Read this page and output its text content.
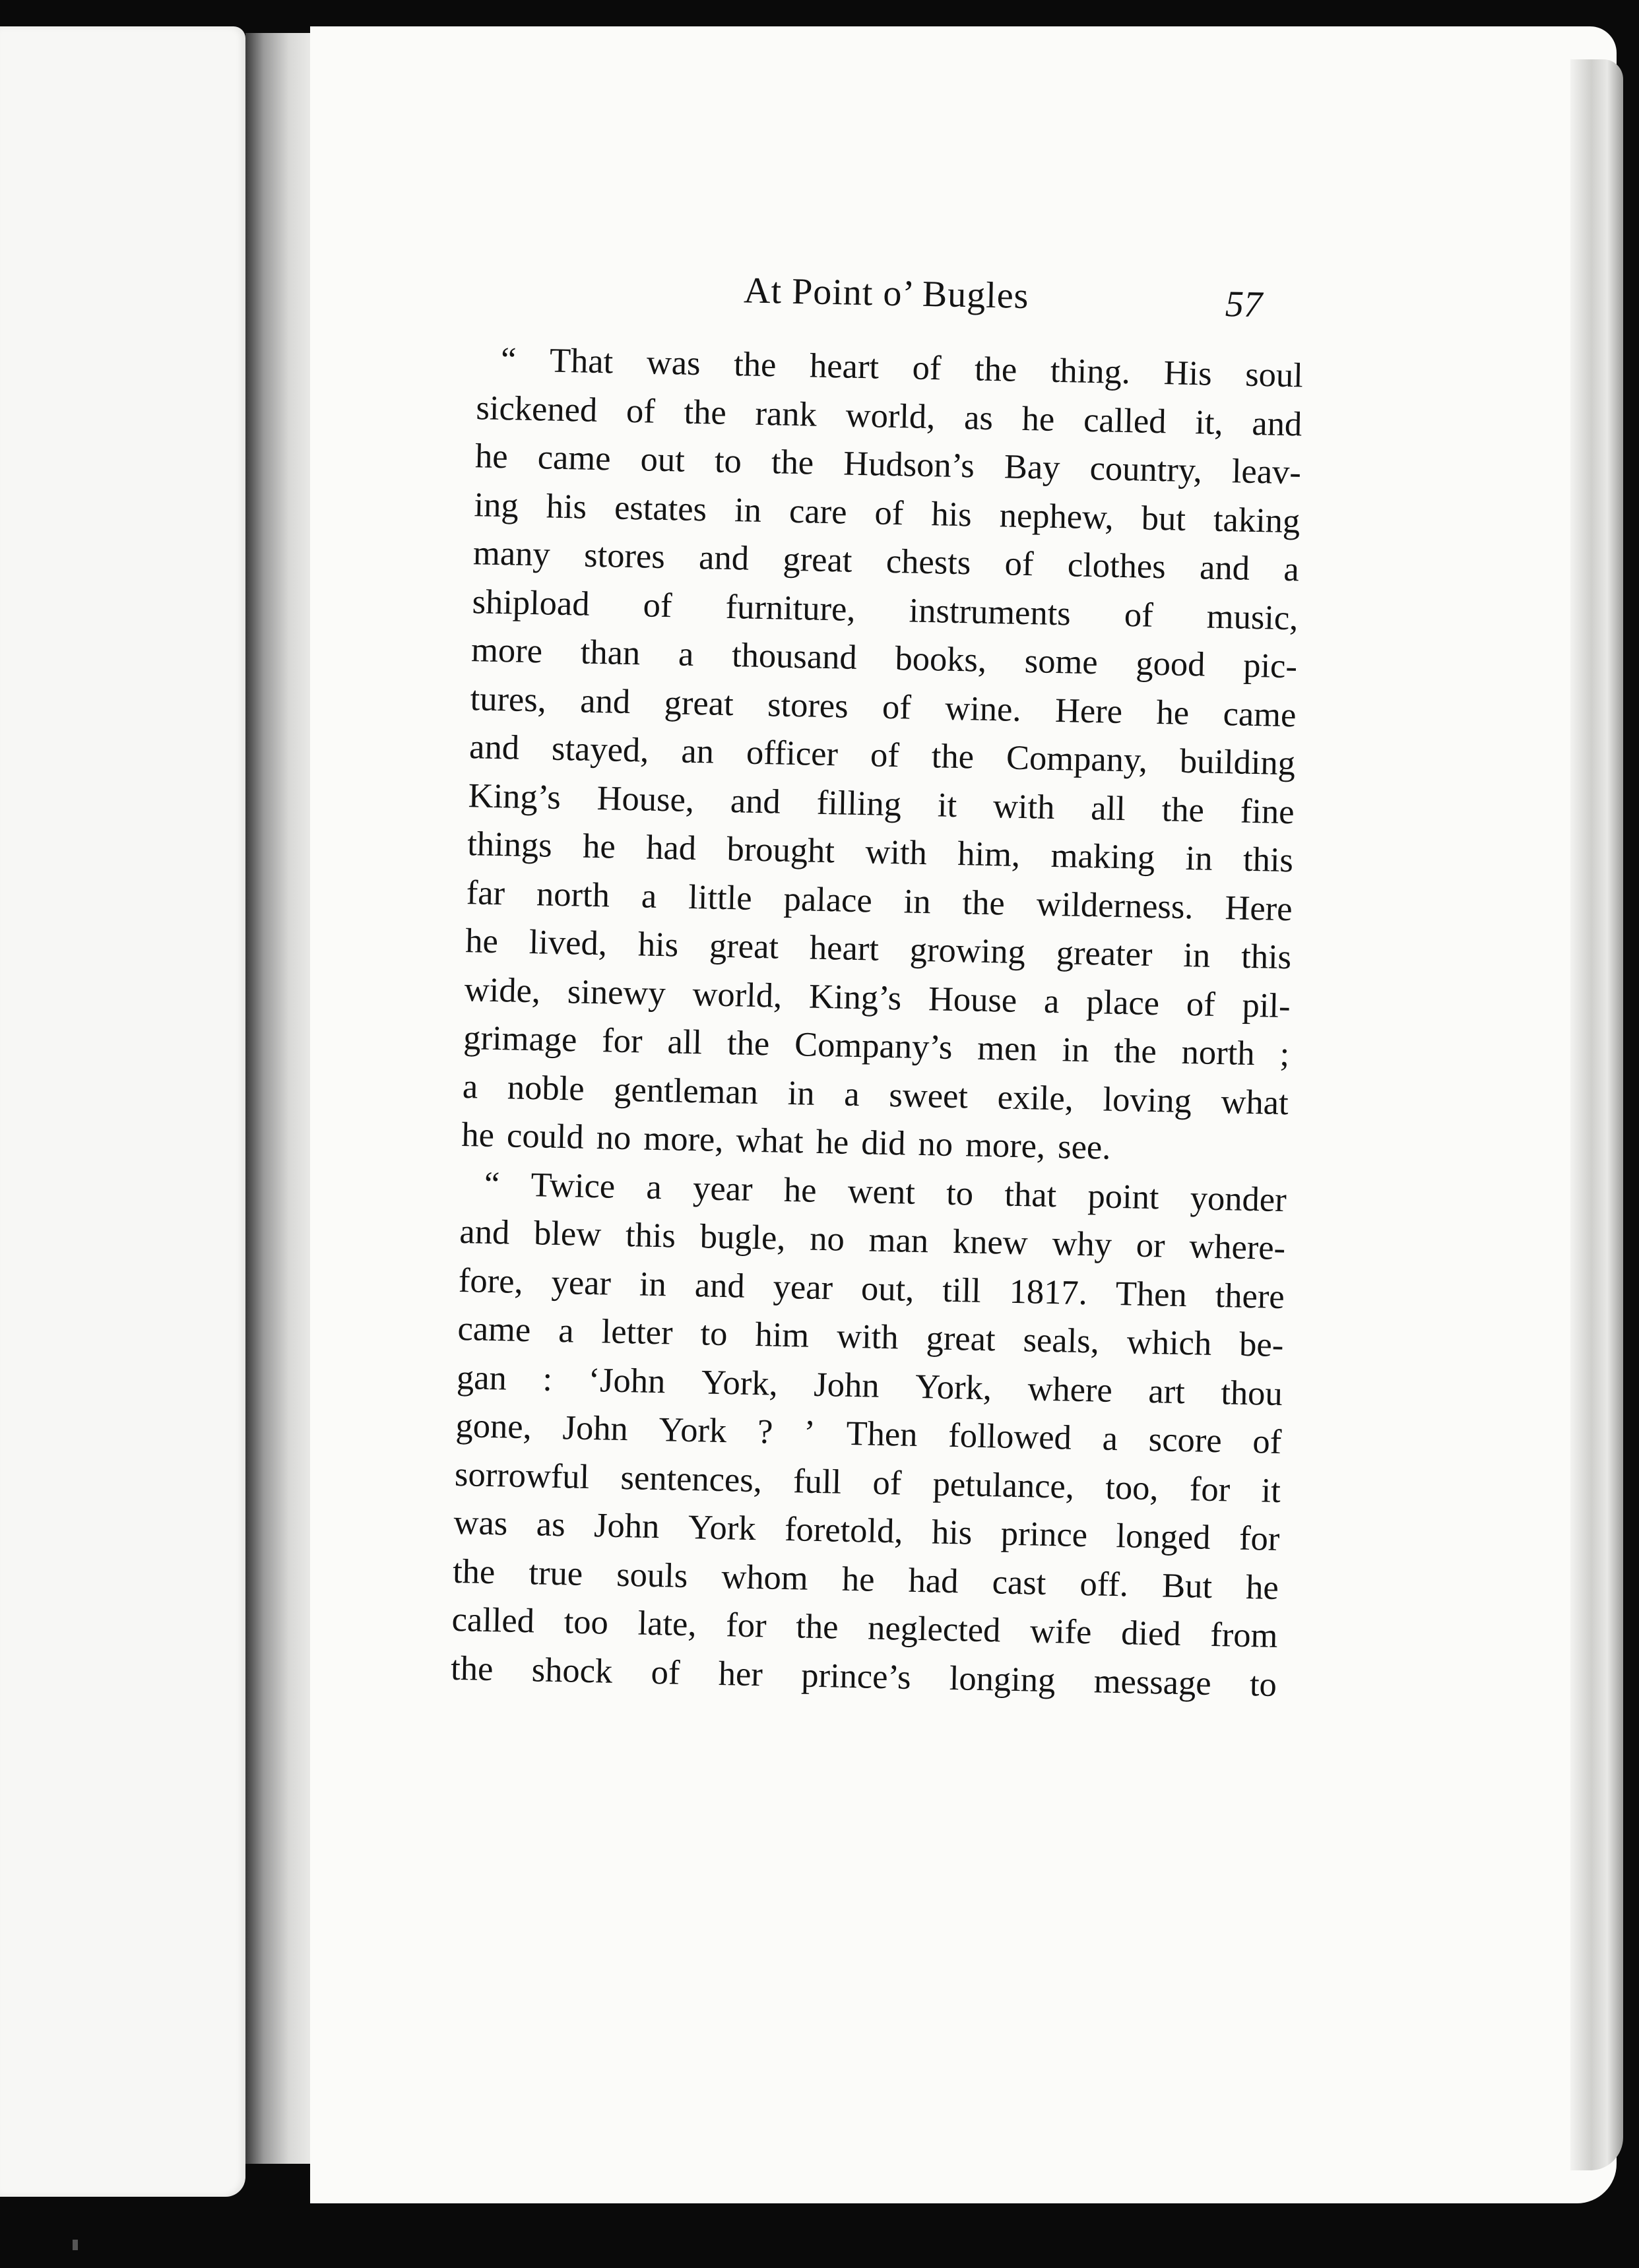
At Point o’ Bugles	57
“ That was the heart of the thing. His soul
sickened of the rank world, as he called it, and
he came out to the Hudson’s Bay country, leav-
ing his estates in care of his nephew, but taking
many stores and great chests of clothes and a
shipload of furniture, instruments of music,
more than a thousand books, some good pic-
tures, and great stores of wine. Here he came
and stayed, an officer of the Company, building
King’s House, and filling it with all the fine
things he had brought with him, making in this
far north a little palace in the wilderness. Here
he lived, his great heart growing greater in this
wide, sinewy world, King’s House a place of pil-
grimage for all the Company’s men in the north ;
a noble gentleman in a sweet exile, loving what
he could no more, what he did no more, see.
“ Twice a year he went to that point yonder
and blew this bugle, no man knew why or where-
fore, year in and year out, till 1817. Then there
came a letter to him with great seals, which be-
gan : ‘John York, John York, where art thou
gone, John York ? ’ Then followed a score of
sorrowful sentences, full of petulance, too, for it
was as John York foretold, his prince longed for
the true souls whom he had cast off. But he
called too late, for the neglected wife died from
the shock of her prince’s longing message to
